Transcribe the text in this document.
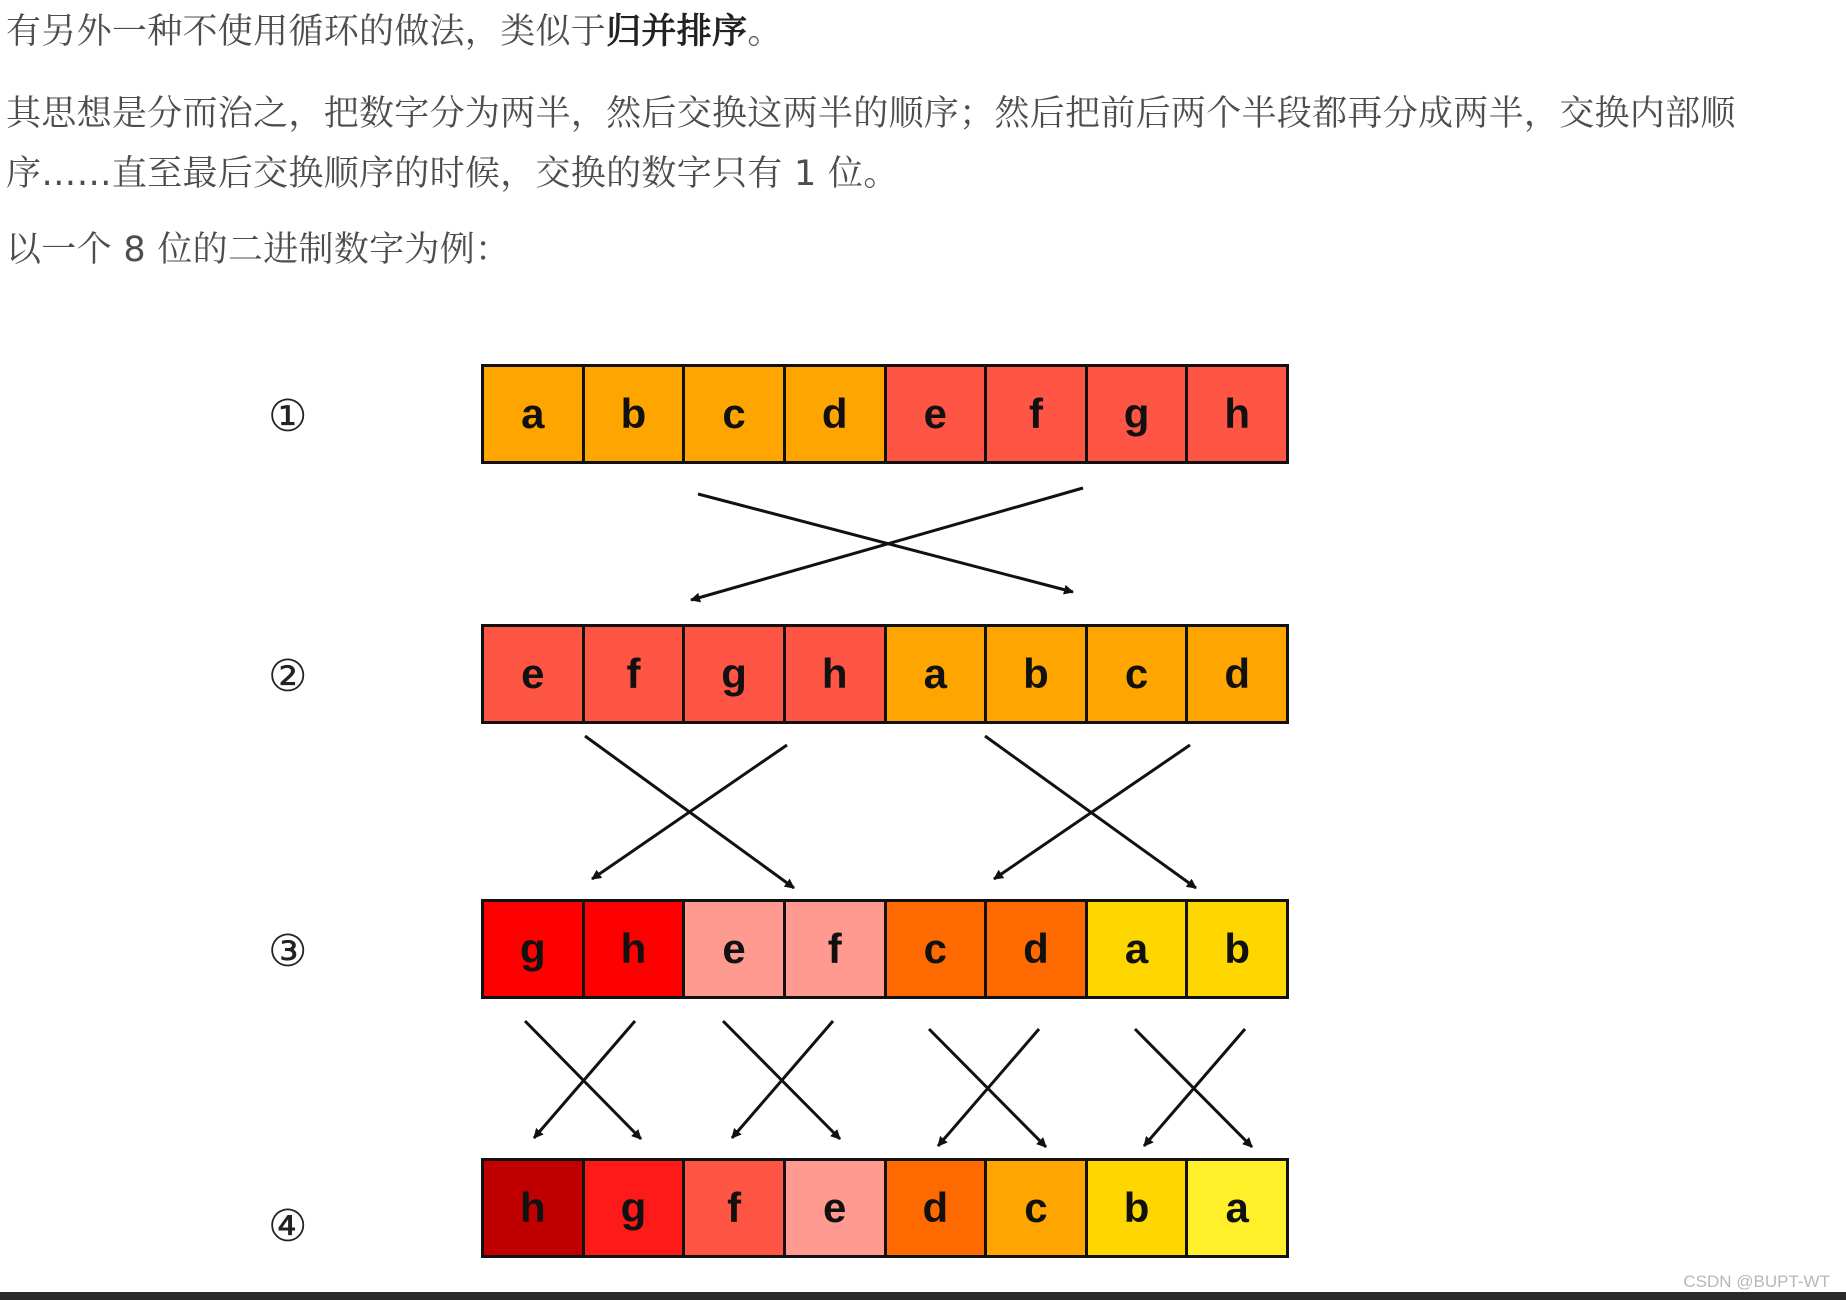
有另外一种不使用循环的做法，类似于归并排序。

其思想是分而治之，把数字分为两半，然后交换这两半的顺序；然后把前后两个半段都再分成两半，交换内部顺序……直至最后交换顺序的时候，交换的数字只有 1 位。

以一个 8 位的二进制数字为例：

①	a	b	c	d	e	f	g	h
②	e	f	g	h	a	b	c	d
③	g	h	e	f	c	d	a	b
④	h	g	f	e	d	c	b	a
CSDN @BUPT-WT
